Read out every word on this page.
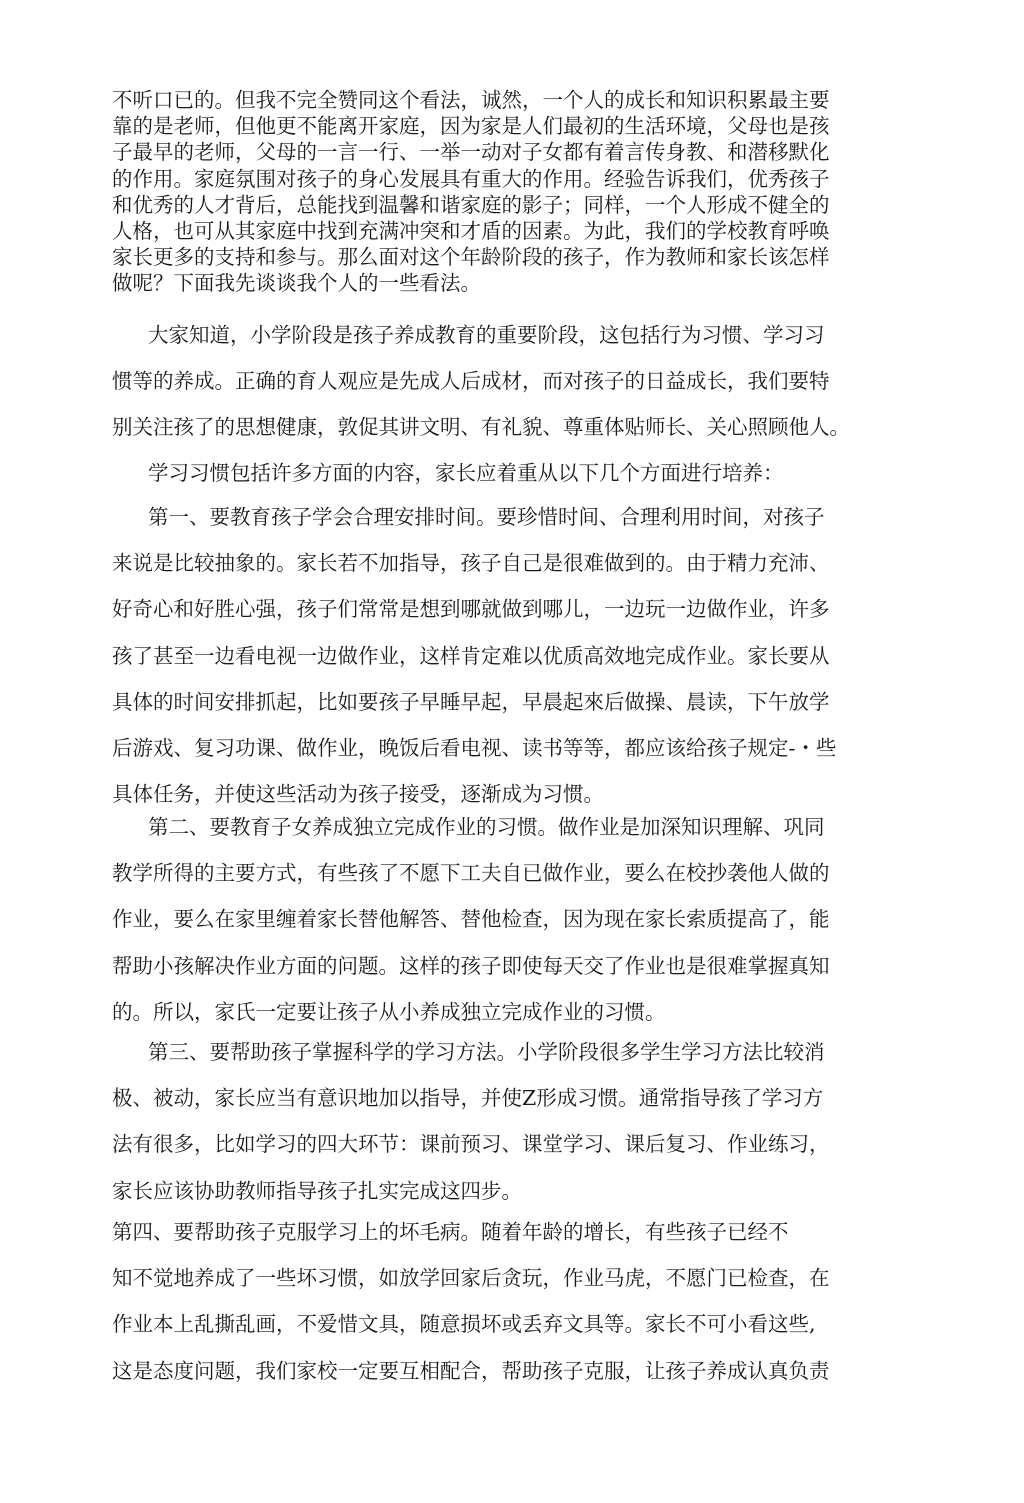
不听口已的。但我不完全赞同这个看法，诚然，一个人的成长和知识积累最主要
靠的是老师，但他更不能离开家庭，因为家是人们最初的生活环境，父母也是孩
子最早的老师，父母的一言一行、一举一动对子女都有着言传身教、和潜移默化
的作用。家庭氛围对孩子的身心发展具有重大的作用。经验告诉我们，优秀孩子
和优秀的人才背后，总能找到温馨和谐家庭的影子；同样，一个人形成不健全的
人格，也可从其家庭中找到充满冲突和才盾的因素。为此，我们的学校教育呼唤
家长更多的支持和参与。那么面对这个年龄阶段的孩子，作为教师和家长该怎样
做呢？下面我先谈谈我个人的一些看法。
大家知道，小学阶段是孩子养成教育的重要阶段，这包括行为习惯、学习习
惯等的养成。正确的育人观应是先成人后成材，而对孩子的日益成长，我们要特
别关注孩了的思想健康，敦促其讲文明、有礼貌、尊重体贴师长、关心照顾他人。
学习习惯包括许多方面的内容，家长应着重从以下几个方面进行培养：
第一、要教育孩子学会合理安排时间。要珍惜时间、合理利用时间，对孩子
来说是比较抽象的。家长若不加指导，孩子自己是很难做到的。由于精力充沛、
好奇心和好胜心强，孩子们常常是想到哪就做到哪儿，一边玩一边做作业，许多
孩了甚至一边看电视一边做作业，这样肯定难以优质高效地完成作业。家长要从
具体的时间安排抓起，比如要孩子早睡早起，早晨起來后做操、晨读，下午放学
后游戏、复习功课、做作业，晚饭后看电视、读书等等，都应该给孩子规定-・些
具体任务，并使这些活动为孩子接受，逐渐成为习惯。
第二、要教育子女养成独立完成作业的习惯。做作业是加深知识理解、巩同
教学所得的主要方式，有些孩了不愿下工夫自已做作业，要么在校抄袭他人做的
作业，要么在家里缠着家长替他解答、替他检查，因为现在家长索质提高了，能
帮助小孩解决作业方面的问题。这样的孩子即使每天交了作业也是很难掌握真知
的。所以，家氏一定要让孩子从小养成独立完成作业的习惯。
第三、要帮助孩子掌握科学的学习方法。小学阶段很多学生学习方法比较消
极、被动，家长应当有意识地加以指导，并使Z形成习惯。通常指导孩了学习方
法有很多，比如学习的四大环节：课前预习、课堂学习、课后复习、作业练习，
家长应该协助教师指导孩子扎实完成这四步。
第四、要帮助孩子克服学习上的坏毛病。随着年龄的增长，有些孩子已经不
知不觉地养成了一些坏习惯，如放学回家后贪玩，作业马虎，不愿门已检查，在
作业本上乱撕乱画，不爱惜文具，随意损坏或丢弃文具等。家长不可小看这些,
这是态度问题，我们家校一定要互相配合，帮助孩子克服，让孩子养成认真负责
